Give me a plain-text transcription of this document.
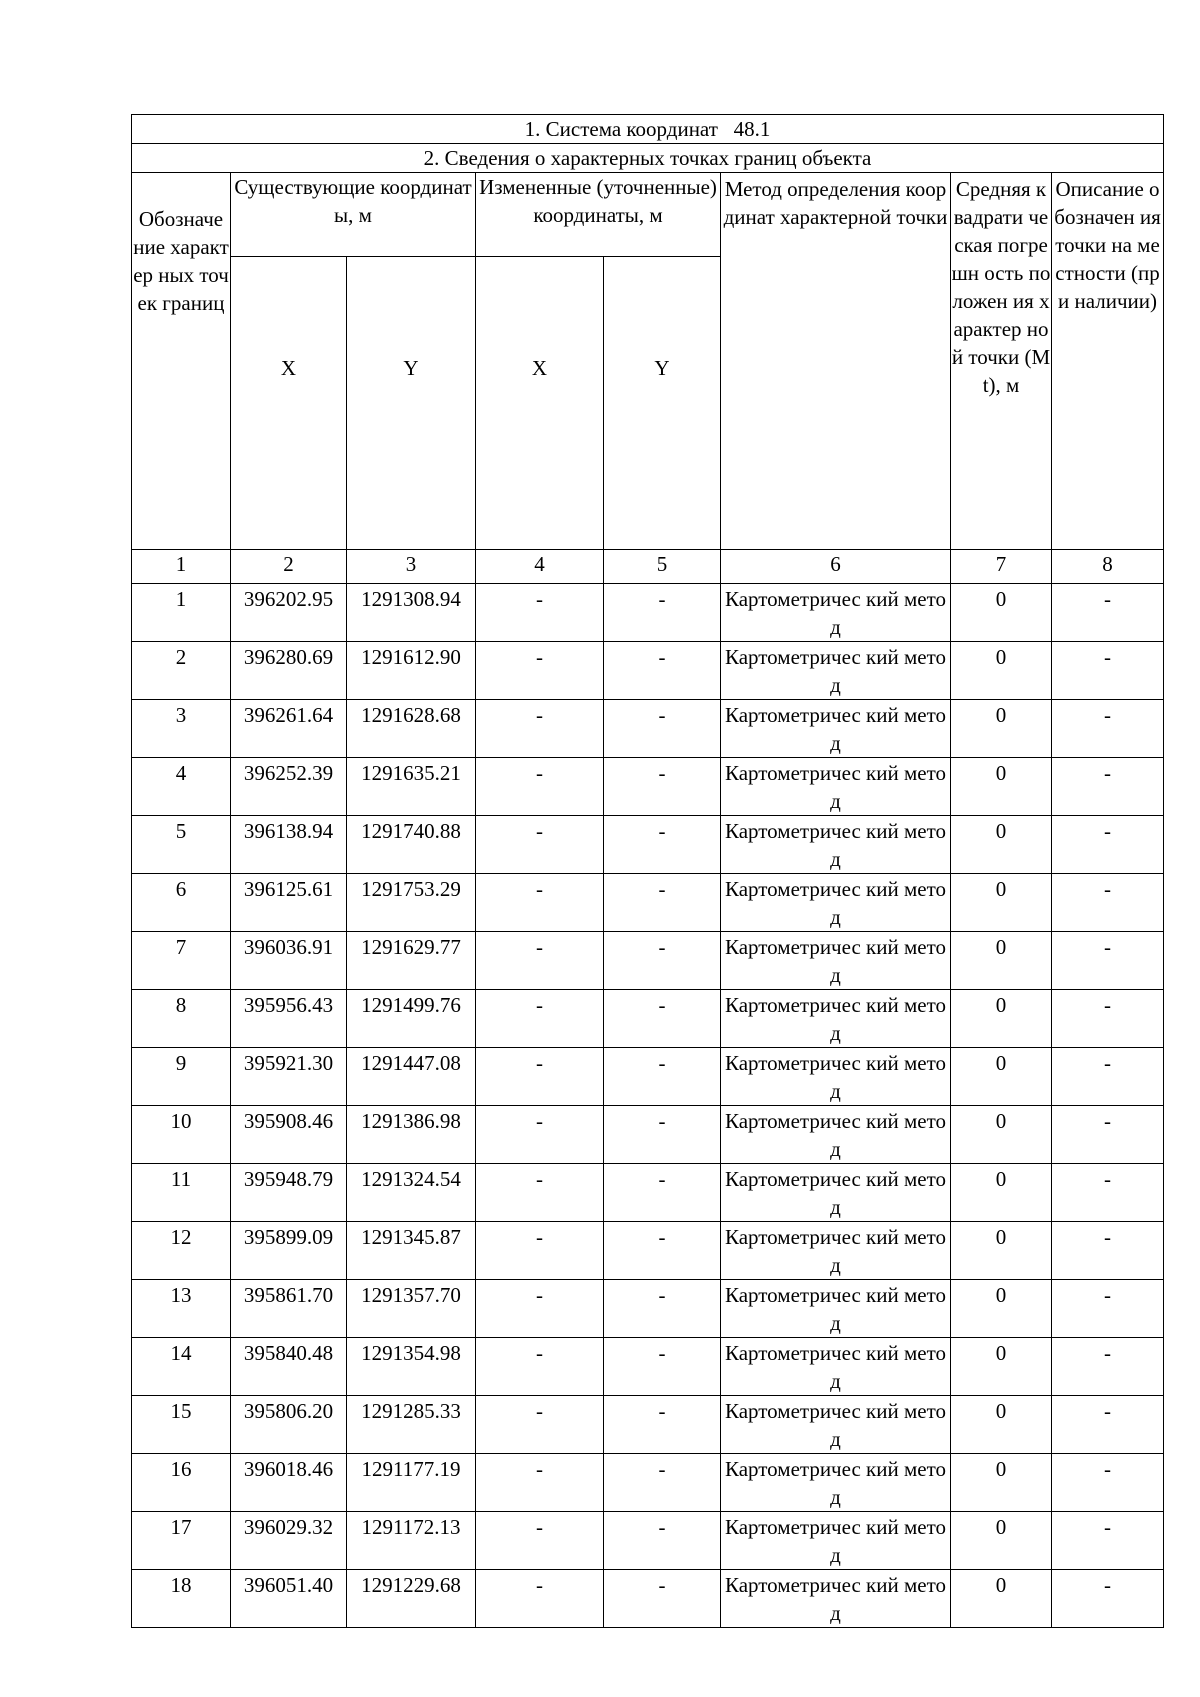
1. Система координат   48.1							
2. Сведения о характерных точках границ объекта							
Обозначе ние характер ных точек границ	Существующие координаты, м		Измененные (уточненные) координаты, м		Метод определения координат характерной точки	Средняя квадрати ческая погрешн ость положен ия характер ной точки (Mt), м	Описание обозначен ия точки на местности (при наличии)
	X	Y	X	Y			
1	2	3	4	5	6	7	8
1	396202.95	1291308.94	-	-	Картометричес кий метод	0	-
2	396280.69	1291612.90	-	-	Картометричес кий метод	0	-
3	396261.64	1291628.68	-	-	Картометричес кий метод	0	-
4	396252.39	1291635.21	-	-	Картометричес кий метод	0	-
5	396138.94	1291740.88	-	-	Картометричес кий метод	0	-
6	396125.61	1291753.29	-	-	Картометричес кий метод	0	-
7	396036.91	1291629.77	-	-	Картометричес кий метод	0	-
8	395956.43	1291499.76	-	-	Картометричес кий метод	0	-
9	395921.30	1291447.08	-	-	Картометричес кий метод	0	-
10	395908.46	1291386.98	-	-	Картометричес кий метод	0	-
11	395948.79	1291324.54	-	-	Картометричес кий метод	0	-
12	395899.09	1291345.87	-	-	Картометричес кий метод	0	-
13	395861.70	1291357.70	-	-	Картометричес кий метод	0	-
14	395840.48	1291354.98	-	-	Картометричес кий метод	0	-
15	395806.20	1291285.33	-	-	Картометричес кий метод	0	-
16	396018.46	1291177.19	-	-	Картометричес кий метод	0	-
17	396029.32	1291172.13	-	-	Картометричес кий метод	0	-
18	396051.40	1291229.68	-	-	Картометричес кий метод	0	-
